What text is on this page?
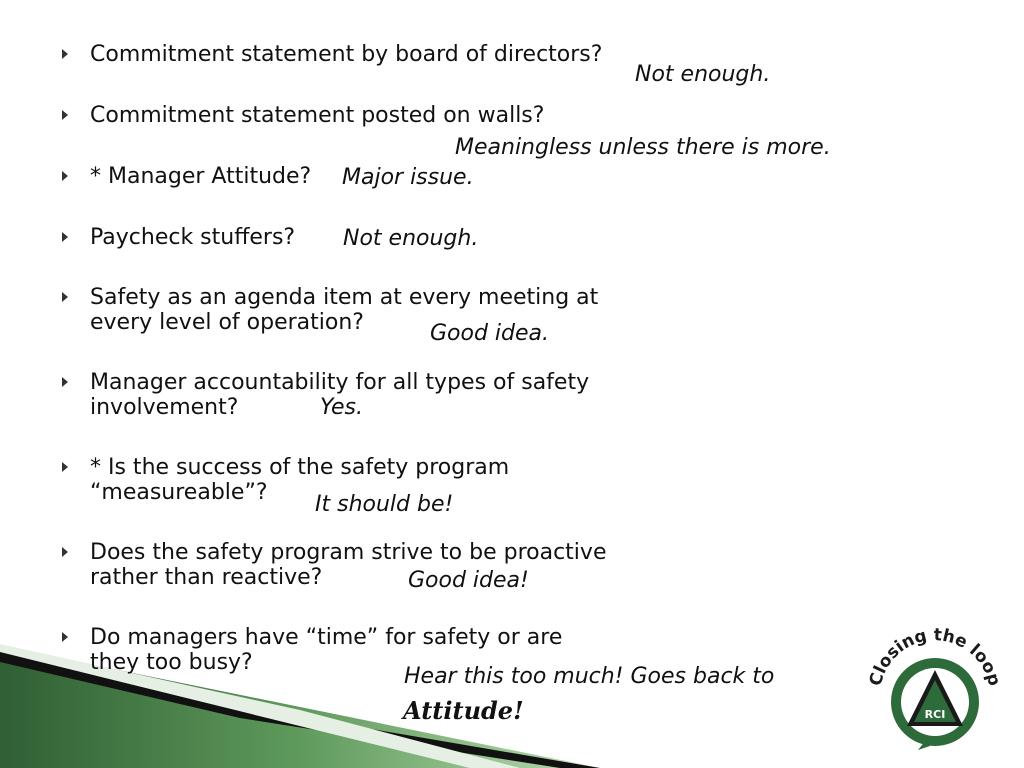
Commitment statement by board of directors?
Not enough.
Commitment statement posted on walls?
Meaningless unless there is more.
* Manager Attitude? Major issue.
Paycheck stuffers? Not enough.
Safety as an agenda item at every meeting at
every level of operation?	Good idea.
Manager accountability for all types of safety
involvement?	Yes.
* Is the success of the safety program
“measureable”?	It should be!
Does the safety program strive to be proactive
rather than reactive?	Good idea!
Do managers have “time” for safety or are
they too busy?
Hear this too much! Goes back to
Attitude!
Closing the loop
RCI
